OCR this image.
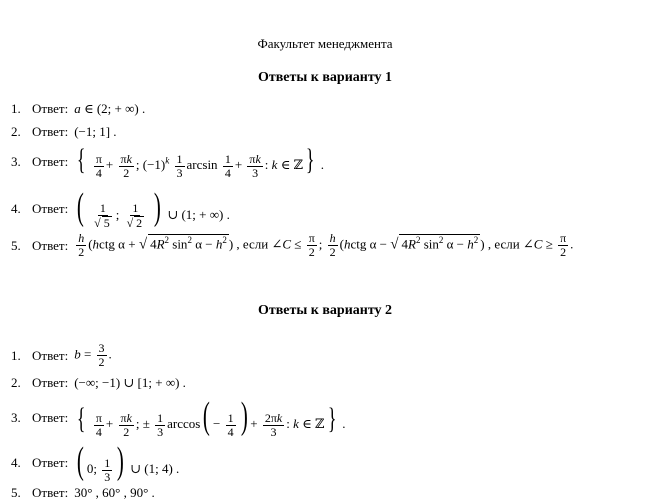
Факультет менеджмента
Ответы к варианту 1
1. Ответ: a ∈ (2; + ∞) .
2. Ответ: (−1; 1] .
3. Ответ: { $\frac{\pi}{4} + \frac{\pi k}{2}$ ; $(-1)^k \frac{1}{3}$ $\arcsin \frac{1}{4} + \frac{\pi k}{3}$ : k ∈ ℤ} .
4. Ответ: ( $\frac{1}{√ 5}$ ; $\frac{1}{√ 2}$ ) ∪ (1; + ∞) .
5. Ответ: $\frac{h}{2}$ (hctg α + √ $4R^2$ $\sin^2 \alpha - h^2$ ) , если ∠C ≤ $\frac{\pi}{2}$ ; $\frac{h}{2}$ (hctg α − √ $4R^2$ $\sin^2 \alpha - h^2$ ) , если ∠C ≥ $\frac{\pi}{2}$ .
Ответы к варианту 2
1. Ответ: $b = \frac{3}{2}$ .
2. Ответ: (−∞; −1) ∪ [1; + ∞) .
3. Ответ: { $\frac{\pi}{4} + \frac{\pi k}{2}$ ; ± $\frac{1}{3} \arccos( - \frac{1}{4}$ ) + $\frac{2\pi k}{3}$ : k ∈ ℤ} .
4. Ответ: ( 0; $\frac{1}{3}$ ) ∪ (1; 4) .
5. Ответ: 30° , 60° , 90° .
